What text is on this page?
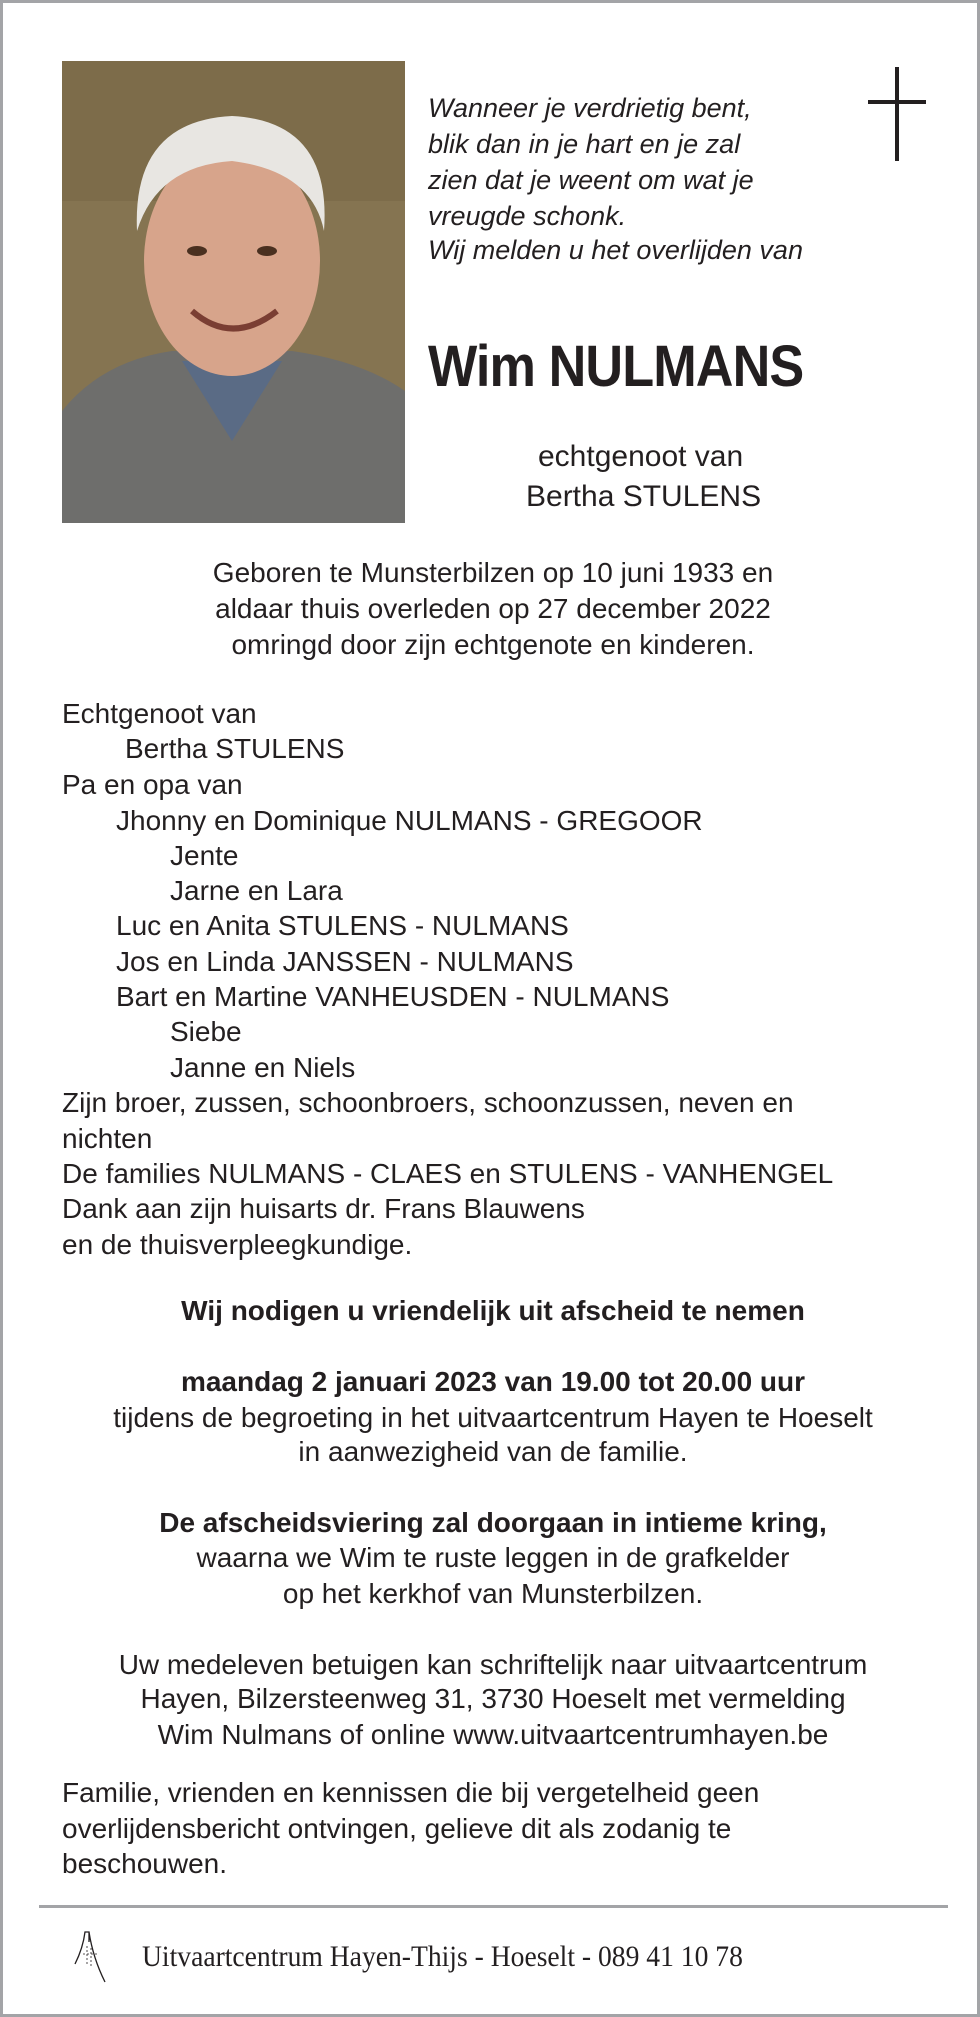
Wanneer je verdrietig bent,
blik dan in je hart en je zal
zien dat je weent om wat je
vreugde schonk.
Wij melden u het overlijden van
Wim NULMANS
echtgenoot van
Bertha STULENS
Geboren te Munsterbilzen op 10 juni 1933 en
aldaar thuis overleden op 27 december 2022
omringd door zijn echtgenote en kinderen.
Echtgenoot van
Bertha STULENS
Pa en opa van
Jhonny en Dominique NULMANS - GREGOOR
Jente
Jarne en Lara
Luc en Anita STULENS - NULMANS
Jos en Linda JANSSEN - NULMANS
Bart en Martine VANHEUSDEN - NULMANS
Siebe
Janne en Niels
Zijn broer, zussen, schoonbroers, schoonzussen, neven en
nichten
De families NULMANS - CLAES en STULENS - VANHENGEL
Dank aan zijn huisarts dr. Frans Blauwens
en de thuisverpleegkundige.
Wij nodigen u vriendelijk uit afscheid te nemen
maandag 2 januari 2023 van 19.00 tot 20.00 uur
tijdens de begroeting in het uitvaartcentrum Hayen te Hoeselt
in aanwezigheid van de familie.
De afscheidsviering zal doorgaan in intieme kring,
waarna we Wim te ruste leggen in de grafkelder
op het kerkhof van Munsterbilzen.
Uw medeleven betuigen kan schriftelijk naar uitvaartcentrum
Hayen, Bilzersteenweg 31, 3730 Hoeselt met vermelding
Wim Nulmans of online www.uitvaartcentrumhayen.be
Familie, vrienden en kennissen die bij vergetelheid geen
overlijdensbericht ontvingen, gelieve dit als zodanig te
beschouwen.
Uitvaartcentrum Hayen-Thijs - Hoeselt - 089 41 10 78
